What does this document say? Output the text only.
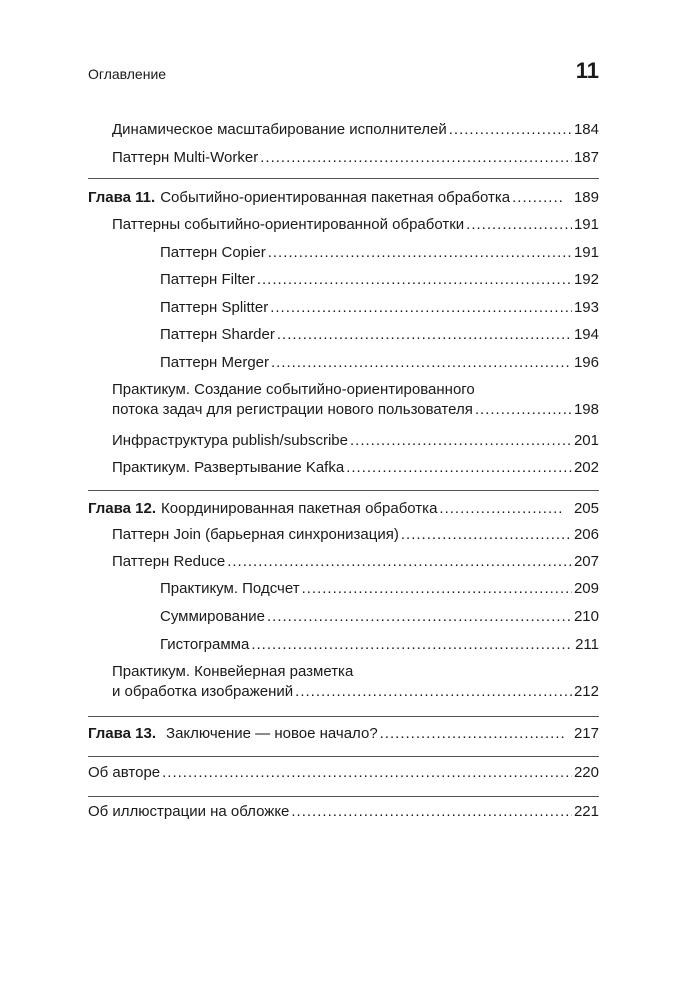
Оглавление	11
Динамическое масштабирование исполнителей .....	184
Паттерн Multi-Worker .....	187
Глава 11. Событийно-ориентированная пакетная обработка .....	189
Паттерны событийно-ориентированной обработки .....	191
Паттерн Copier .....	191
Паттерн Filter .....	192
Паттерн Splitter .....	193
Паттерн Sharder .....	194
Паттерн Merger .....	196
Практикум. Создание событийно-ориентированного
потока задач для регистрации нового пользователя .....	198
Инфраструктура publish/subscribe .....	201
Практикум. Развертывание Kafka .....	202
Глава 12. Координированная пакетная обработка .....	205
Паттерн Join (барьерная синхронизация) .....	206
Паттерн Reduce .....	207
Практикум. Подсчет .....	209
Суммирование .....	210
Гистограмма .....	211
Практикум. Конвейерная разметка
и обработка изображений .....	212
Глава 13. Заключение — новое начало? .....	217
Об авторе .....	220
Об иллюстрации на обложке .....	221
